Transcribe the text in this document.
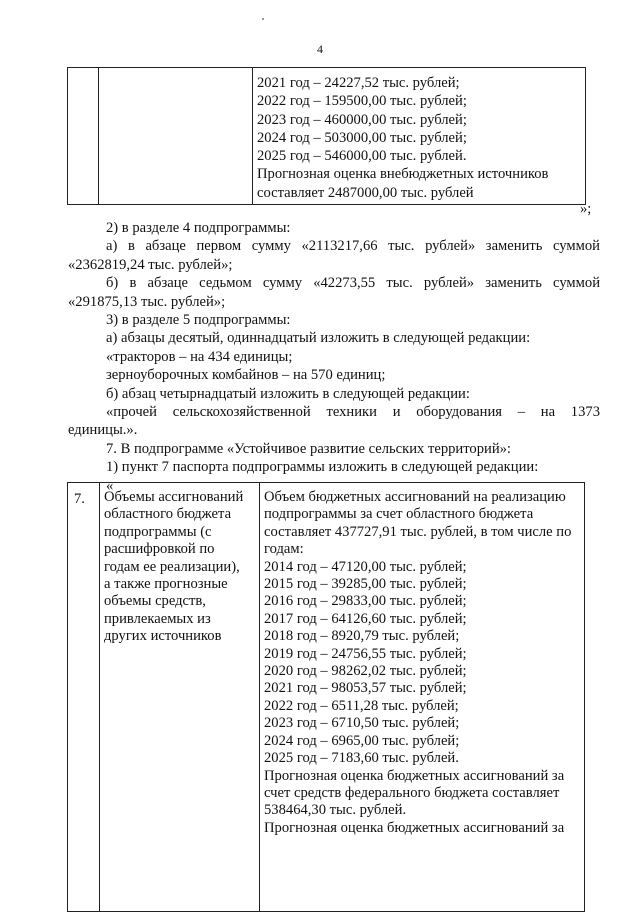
4

2021 год – 24227,52 тыс. рублей;
2022 год – 159500,00 тыс. рублей;
2023 год – 460000,00 тыс. рублей;
2024 год – 503000,00 тыс. рублей;
2025 год – 546000,00 тыс. рублей.
Прогнозная оценка внебюджетных источников
составляет 2487000,00 тыс. рублей
»;
2) в разделе 4 подпрограммы:
а) в абзаце первом сумму «2113217,66 тыс. рублей» заменить суммой
«2362819,24 тыс. рублей»;
б) в абзаце седьмом сумму «42273,55 тыс. рублей» заменить суммой
«291875,13 тыс. рублей»;
3) в разделе 5 подпрограммы:
а) абзацы десятый, одиннадцатый изложить в следующей редакции:
«тракторов – на 434 единицы;
зерноуборочных комбайнов – на 570 единиц;
б) абзац четырнадцатый изложить в следующей редакции:
«прочей сельскохозяйственной техники и оборудования – на 1373
единицы.».
7. В подпрограмме «Устойчивое развитие сельских территорий»:
1) пункт 7 паспорта подпрограммы изложить в следующей редакции:
«
7.	Объемы ассигнований
областного бюджета
подпрограммы (с
расшифровкой по
годам ее реализации),
а также прогнозные
объемы средств,
привлекаемых из
других источников

Объем бюджетных ассигнований на реализацию
подпрограммы за счет областного бюджета
составляет 437727,91 тыс. рублей, в том числе по
годам:
2014 год – 47120,00 тыс. рублей;
2015 год – 39285,00 тыс. рублей;
2016 год – 29833,00 тыс. рублей;
2017 год – 64126,60 тыс. рублей;
2018 год – 8920,79 тыс. рублей;
2019 год – 24756,55 тыс. рублей;
2020 год – 98262,02 тыс. рублей;
2021 год – 98053,57 тыс. рублей;
2022 год – 6511,28 тыс. рублей;
2023 год – 6710,50 тыс. рублей;
2024 год – 6965,00 тыс. рублей;
2025 год – 7183,60 тыс. рублей.
Прогнозная оценка бюджетных ассигнований за
счет средств федерального бюджета составляет
538464,30 тыс. рублей.
Прогнозная оценка бюджетных ассигнований за
